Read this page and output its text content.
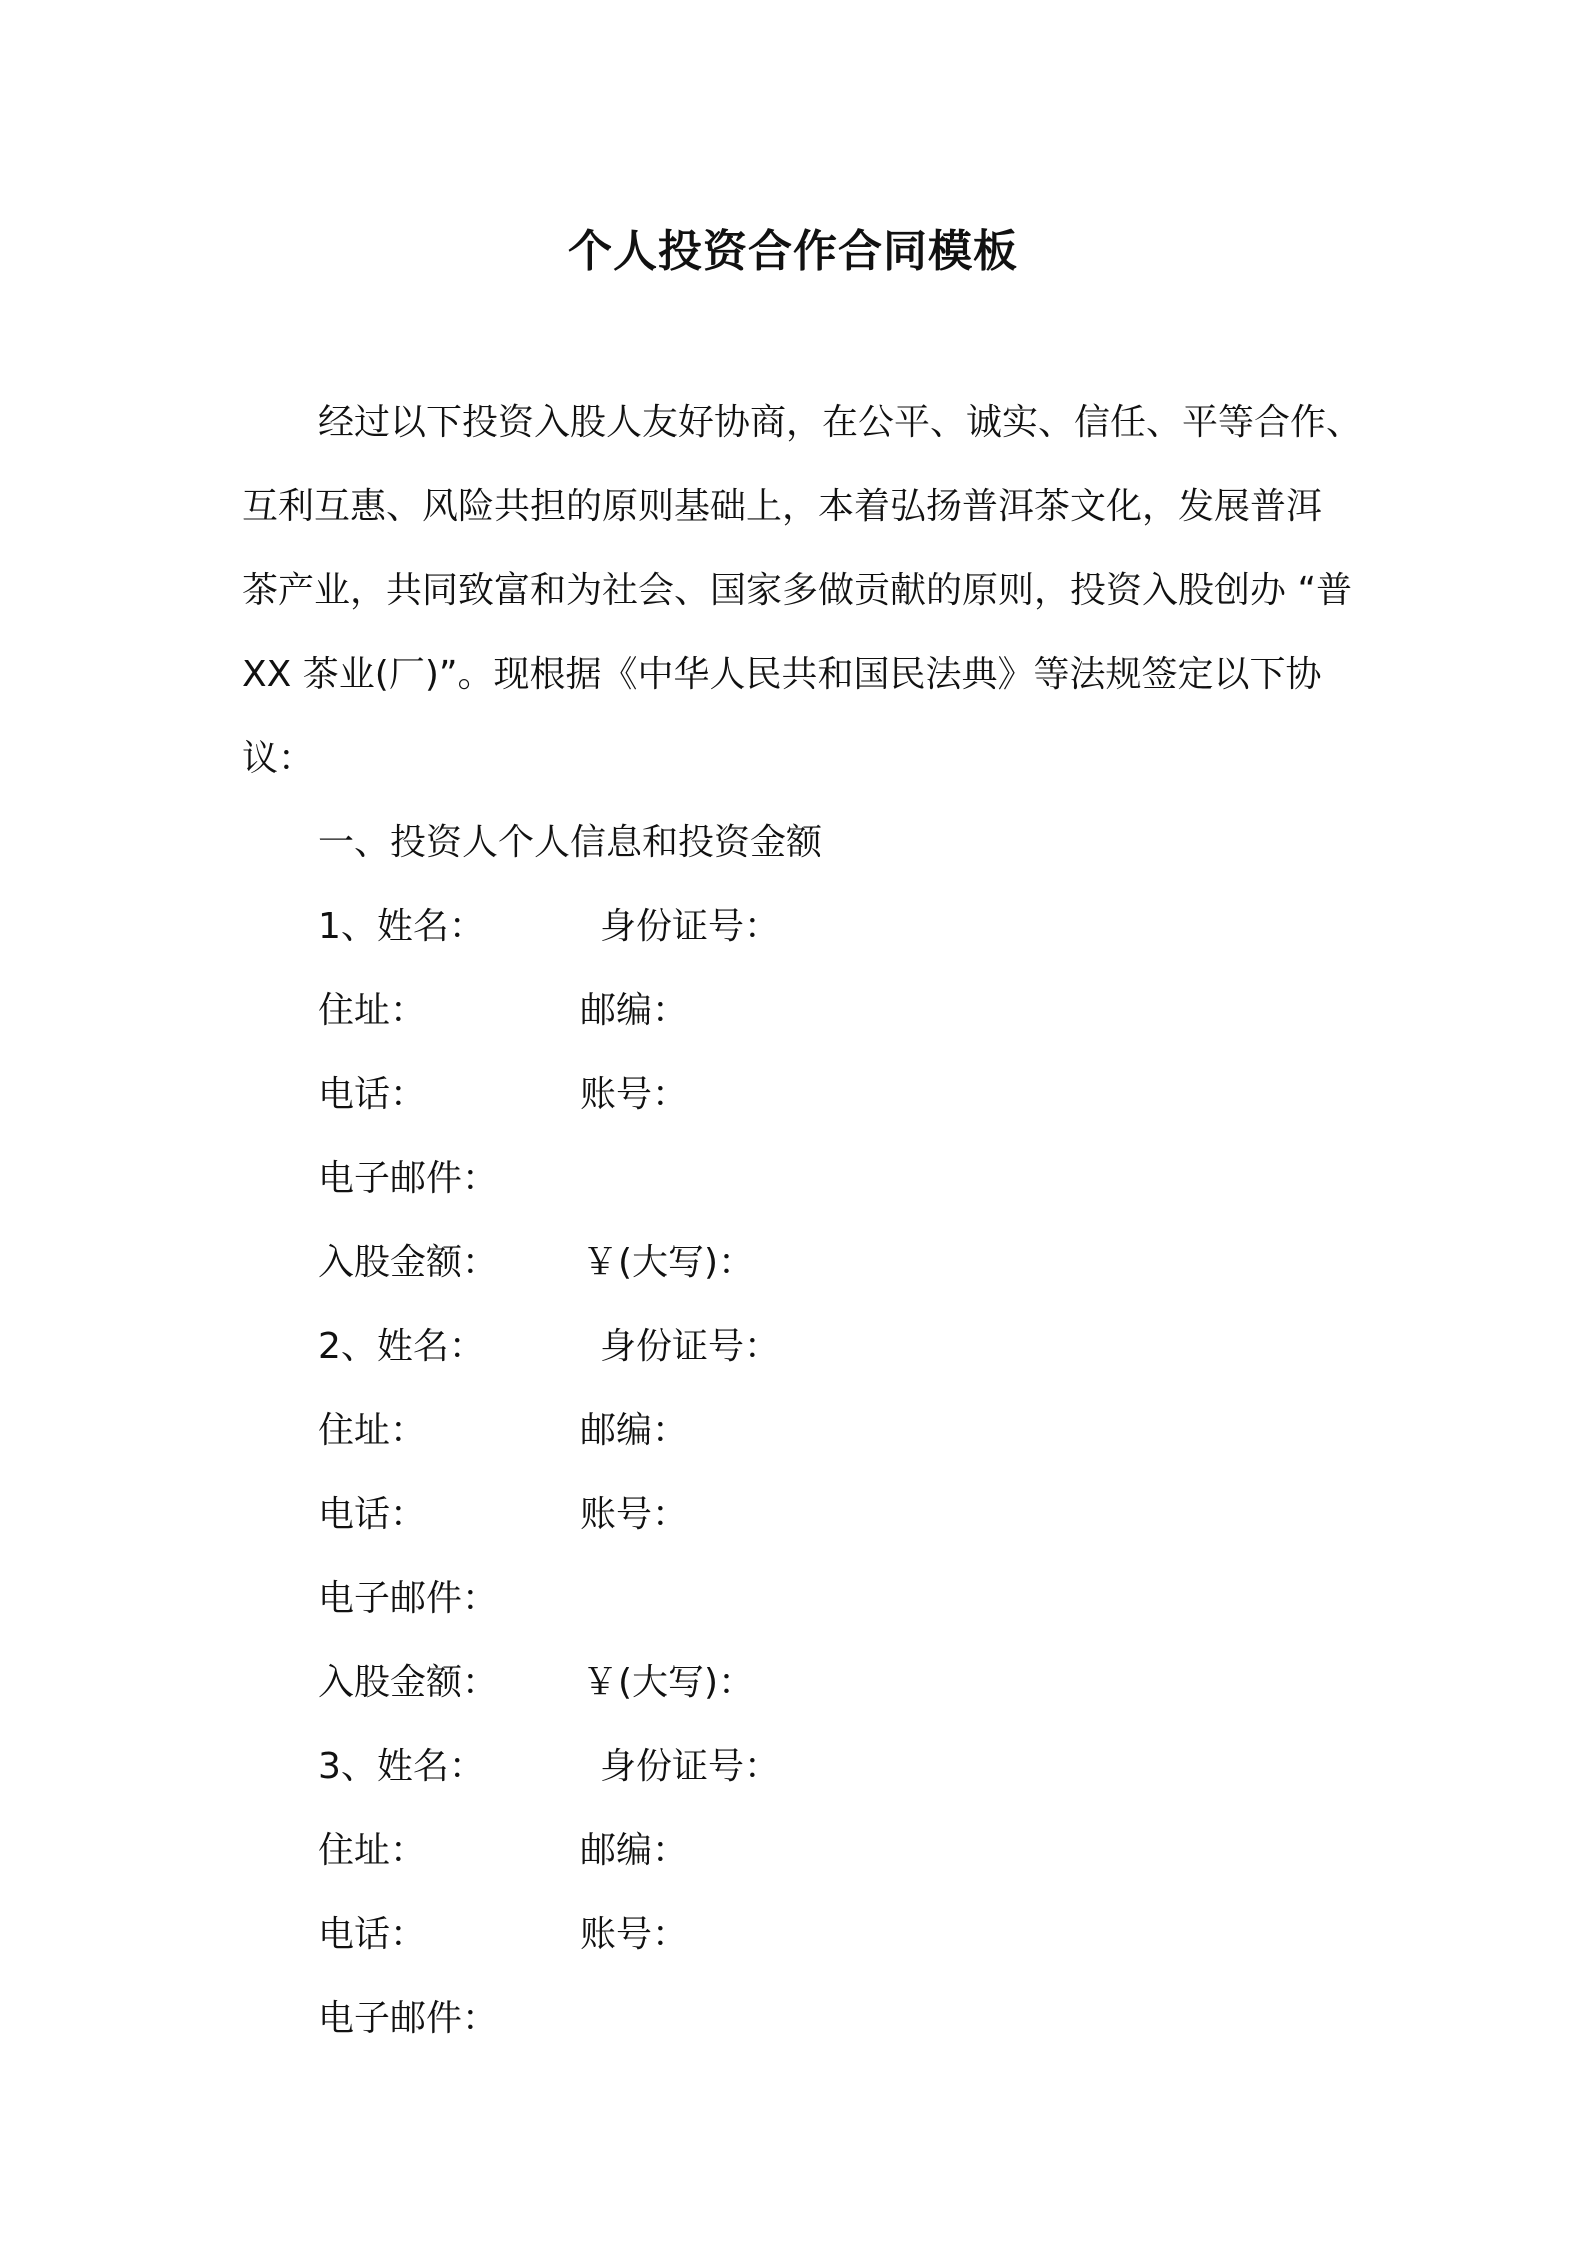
个人投资合作合同模板
经过以下投资入股人友好协商，在公平、诚实、信任、平等合作、
互利互惠、风险共担的原则基础上，本着弘扬普洱茶文化，发展普洱
茶产业，共同致富和为社会、国家多做贡献的原则，投资入股创办 “普
XX 茶业(厂)”。现根据《中华人民共和国民法典》等法规签定以下协
议：
一、投资人个人信息和投资金额
1、姓名：	身份证号：
住址：	邮编：
电话：	账号：
电子邮件：
入股金额： ￥(大写)：
2、姓名：	身份证号：
住址：	邮编：
电话：	账号：
电子邮件：
入股金额： ￥(大写)：
3、姓名：	身份证号：
住址：	邮编：
电话：	账号：
电子邮件：
